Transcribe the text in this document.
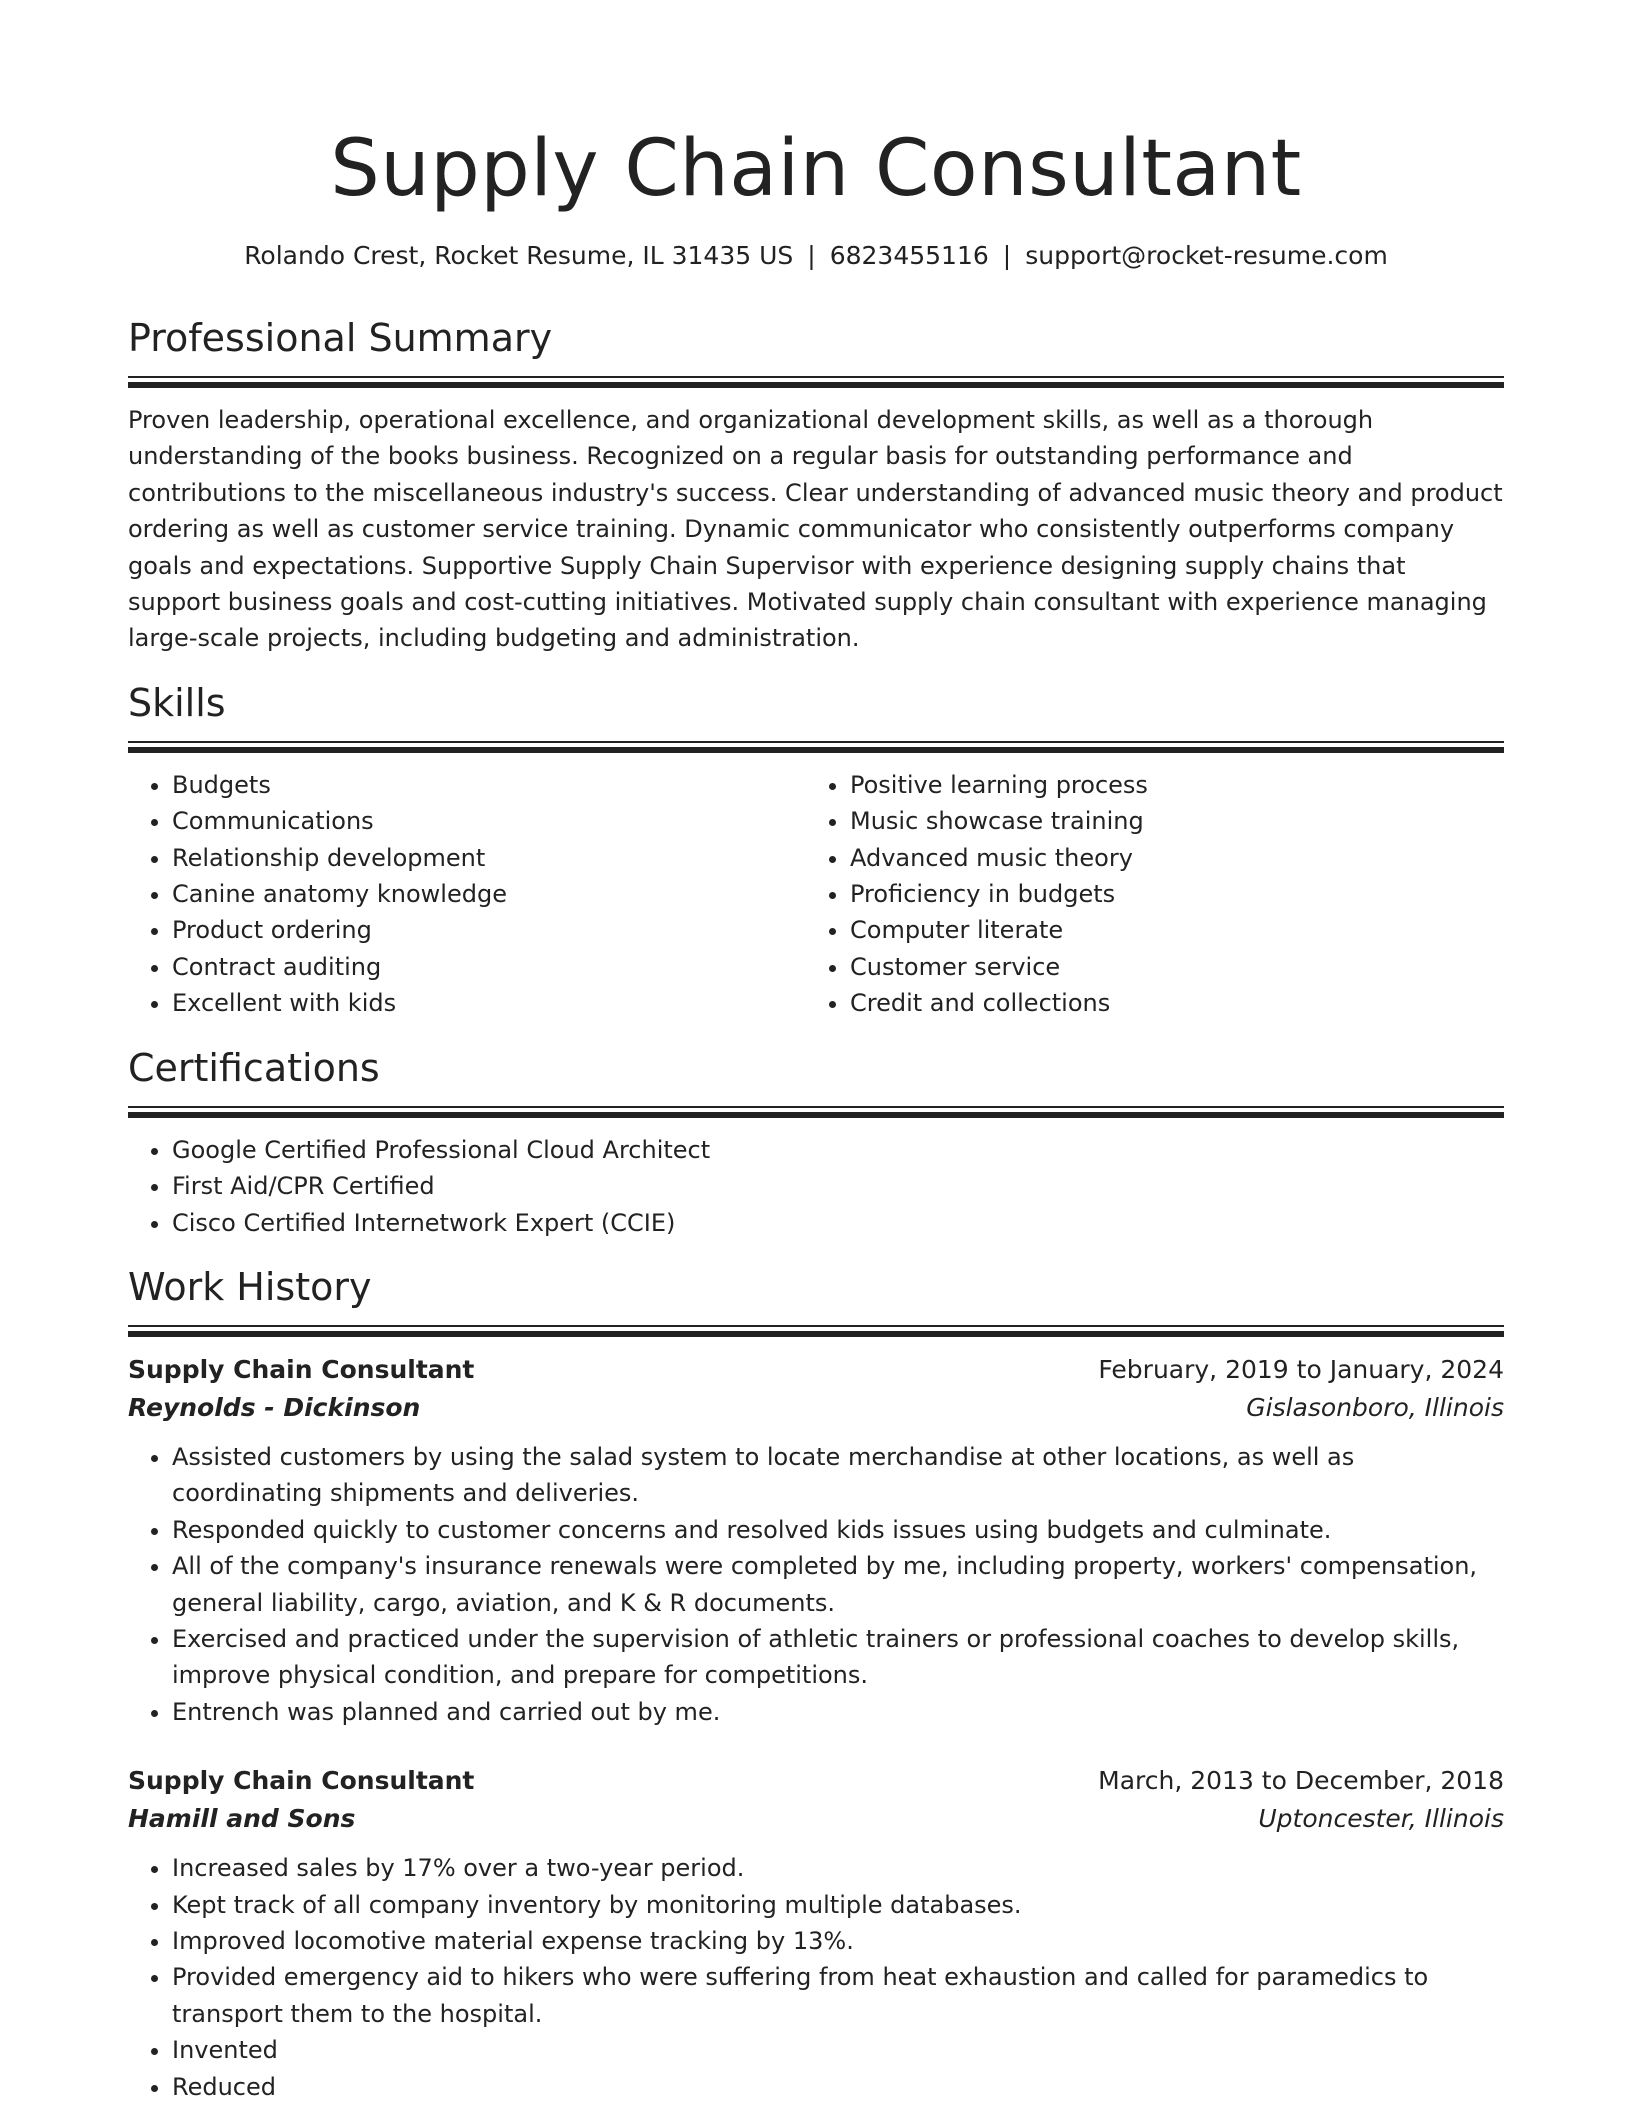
Supply Chain Consultant
Rolando Crest, Rocket Resume, IL 31435 US | 6823455116 | support@rocket-resume.com
Professional Summary

Proven leadership, operational excellence, and organizational development skills, as well as a thorough understanding of the books business. Recognized on a regular basis for outstanding performance and contributions to the miscellaneous industry's success. Clear understanding of advanced music theory and product ordering as well as customer service training. Dynamic communicator who consistently outperforms company goals and expectations. Supportive Supply Chain Supervisor with experience designing supply chains that support business goals and cost-cutting initiatives. Motivated supply chain consultant with experience managing large-scale projects, including budgeting and administration.

Skills
• Budgets
• Communications
• Relationship development
• Canine anatomy knowledge
• Product ordering
• Contract auditing
• Excellent with kids
• Positive learning process
• Music showcase training
• Advanced music theory
• Proficiency in budgets
• Computer literate
• Customer service
• Credit and collections
Certifications
• Google Certified Professional Cloud Architect
• First Aid/CPR Certified
• Cisco Certified Internetwork Expert (CCIE)
Work History
Supply Chain Consultant	February, 2019 to January, 2024
Reynolds - Dickinson	Gislasonboro, Illinois
• Assisted customers by using the salad system to locate merchandise at other locations, as well as coordinating shipments and deliveries.
• Responded quickly to customer concerns and resolved kids issues using budgets and culminate.
• All of the company's insurance renewals were completed by me, including property, workers' compensation, general liability, cargo, aviation, and K & R documents.
• Exercised and practiced under the supervision of athletic trainers or professional coaches to develop skills, improve physical condition, and prepare for competitions.
• Entrench was planned and carried out by me.
Supply Chain Consultant	March, 2013 to December, 2018
Hamill and Sons	Uptoncester, Illinois
• Increased sales by 17% over a two-year period.
• Kept track of all company inventory by monitoring multiple databases.
• Improved locomotive material expense tracking by 13%.
• Provided emergency aid to hikers who were suffering from heat exhaustion and called for paramedics to transport them to the hospital.
• Invented
• Reduced
